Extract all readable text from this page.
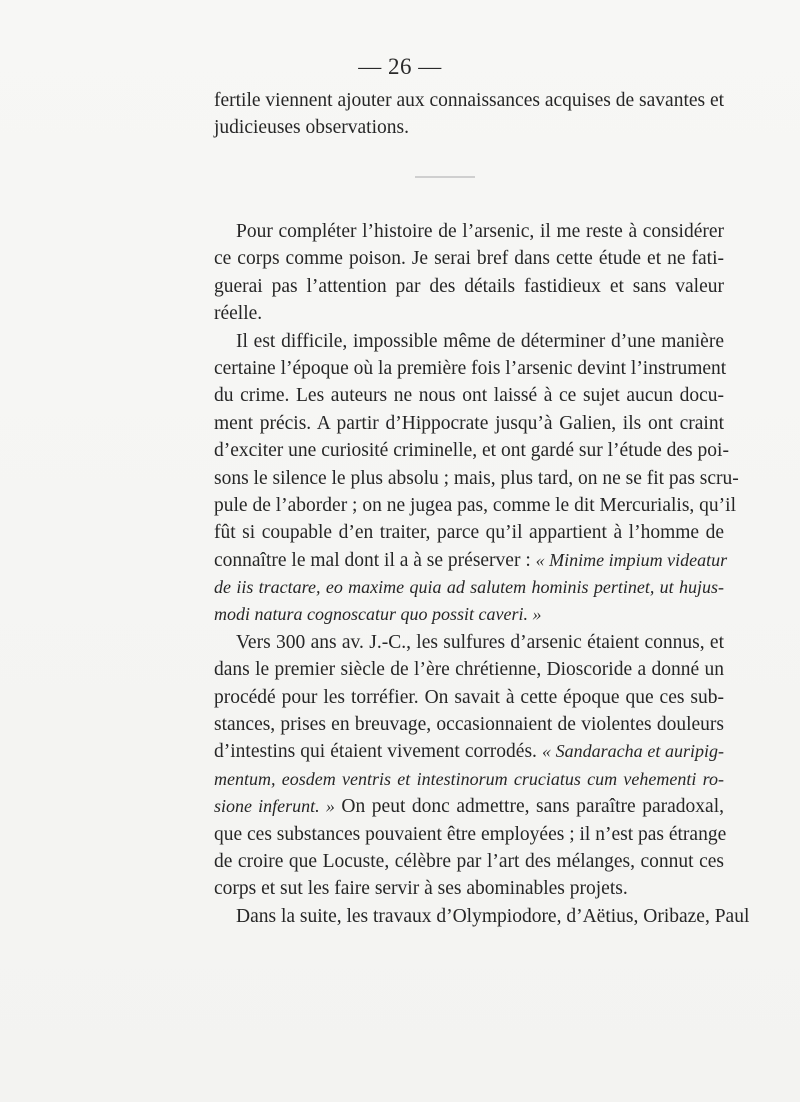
— 26 —
fertile viennent ajouter aux connaissances acquises de savantes et
judicieuses observations.
Pour compléter l’histoire de l’arsenic, il me reste à considérer
ce corps comme poison. Je serai bref dans cette étude et ne fati-
guerai pas l’attention par des détails fastidieux et sans valeur
réelle.
Il est difficile, impossible même de déterminer d’une manière
certaine l’époque où la première fois l’arsenic devint l’instrument
du crime. Les auteurs ne nous ont laissé à ce sujet aucun docu-
ment précis. A partir d’Hippocrate jusqu’à Galien, ils ont craint
d’exciter une curiosité criminelle, et ont gardé sur l’étude des poi-
sons le silence le plus absolu ; mais, plus tard, on ne se fit pas scru-
pule de l’aborder ; on ne jugea pas, comme le dit Mercurialis, qu’il
fût si coupable d’en traiter, parce qu’il appartient à l’homme de
connaître le mal dont il a à se préserver : « Minime impium videatur
de iis tractare, eo maxime quia ad salutem hominis pertinet, ut hujus-
modi natura cognoscatur quo possit caveri. »
Vers 300 ans av. J.-C., les sulfures d’arsenic étaient connus, et
dans le premier siècle de l’ère chrétienne, Dioscoride a donné un
procédé pour les torréfier. On savait à cette époque que ces sub-
stances, prises en breuvage, occasionnaient de violentes douleurs
d’intestins qui étaient vivement corrodés. « Sandaracha et auripig-
mentum, eosdem ventris et intestinorum cruciatus cum vehementi ro-
sione inferunt. » On peut donc admettre, sans paraître paradoxal,
que ces substances pouvaient être employées ; il n’est pas étrange
de croire que Locuste, célèbre par l’art des mélanges, connut ces
corps et sut les faire servir à ses abominables projets.
Dans la suite, les travaux d’Olympiodore, d’Aëtius, Oribaze, Paul
